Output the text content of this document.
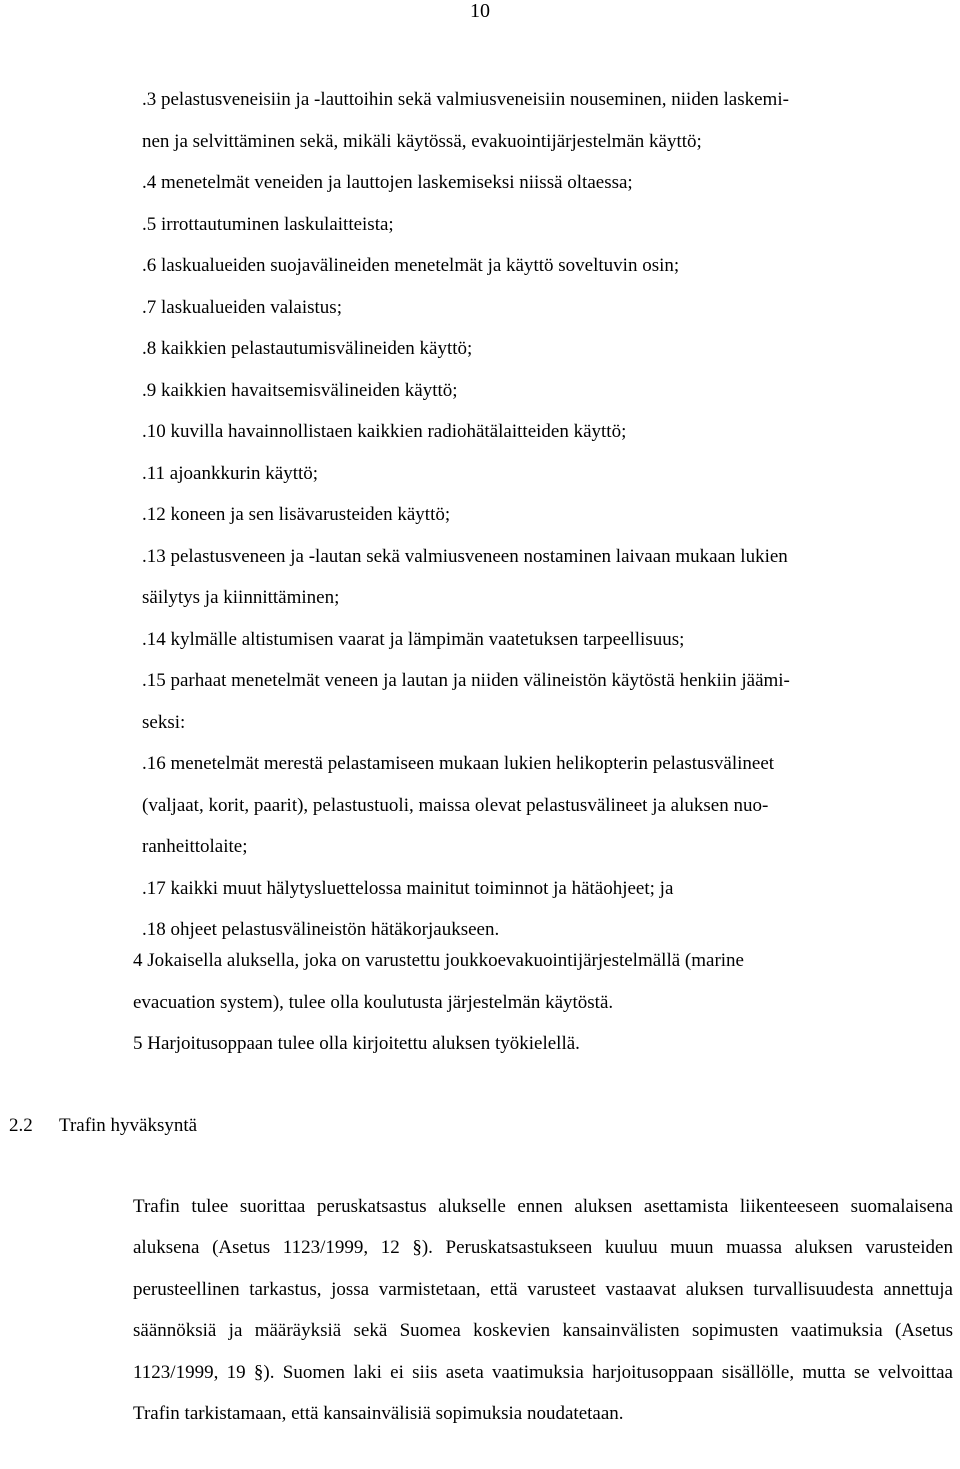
10
.3 pelastusveneisiin ja -lauttoihin sekä valmiusveneisiin nouseminen, niiden laskemi-
nen ja selvittäminen sekä, mikäli käytössä, evakuointijärjestelmän käyttö;
.4 menetelmät veneiden ja lauttojen laskemiseksi niissä oltaessa;
.5 irrottautuminen laskulaitteista;
.6 laskualueiden suojavälineiden menetelmät ja käyttö soveltuvin osin;
.7 laskualueiden valaistus;
.8 kaikkien pelastautumisvälineiden käyttö;
.9 kaikkien havaitsemisvälineiden käyttö;
.10 kuvilla havainnollistaen kaikkien radiohätälaitteiden käyttö;
.11 ajoankkurin käyttö;
.12 koneen ja sen lisävarusteiden käyttö;
.13 pelastusveneen ja -lautan sekä valmiusveneen nostaminen laivaan mukaan lukien
säilytys ja kiinnittäminen;
.14 kylmälle altistumisen vaarat ja lämpimän vaatetuksen tarpeellisuus;
.15 parhaat menetelmät veneen ja lautan ja niiden välineistön käytöstä henkiin jäämi-
seksi:
.16 menetelmät merestä pelastamiseen mukaan lukien helikopterin pelastusvälineet
(valjaat, korit, paarit), pelastustuoli, maissa olevat pelastusvälineet ja aluksen nuo-
ranheittolaite;
.17 kaikki muut hälytysluettelossa mainitut toiminnot ja hätäohjeet; ja
.18 ohjeet pelastusvälineistön hätäkorjaukseen.

4 Jokaisella aluksella, joka on varustettu joukkoevakuointijärjestelmällä (marine

evacuation system), tulee olla koulutusta järjestelmän käytöstä.

5 Harjoitusoppaan tulee olla kirjoitettu aluksen työkielellä.

2.2 Trafin hyväksyntä

Trafin tulee suorittaa peruskatsastus alukselle ennen aluksen asettamista liikenteeseen suomalaisena aluksena (Asetus 1123/1999, 12 §). Peruskatsastukseen kuuluu muun muassa aluksen varusteiden perusteellinen tarkastus, jossa varmistetaan, että varusteet vastaavat aluksen turvallisuudesta annettuja säännöksiä ja määräyksiä sekä Suomea koskevien kansainvälisten sopimusten vaatimuksia (Asetus 1123/1999, 19 §). Suomen laki ei siis aseta vaatimuksia harjoitusoppaan sisällölle, mutta se velvoittaa Trafin tarkistamaan, että kansainvälisiä sopimuksia noudatetaan.
